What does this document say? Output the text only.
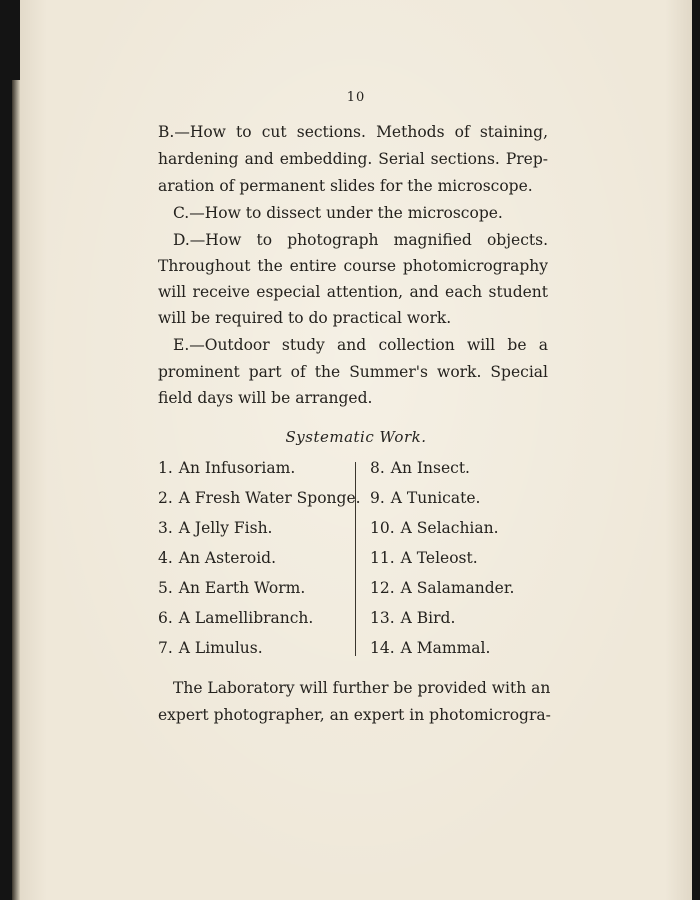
10
B.—How to cut sections. Methods of staining,
hardening and embedding. Serial sections. Prep-
aration of permanent slides for the microscope.
C.—How to dissect under the microscope.
D.—How to photograph magnified objects.
Throughout the entire course photomicrography
will receive especial attention, and each student
will be required to do practical work.
E.—Outdoor study and collection will be a
prominent part of the Summer's work. Special
field days will be arranged.
Systematic Work.
1. An Infusoriam.
2. A Fresh Water Sponge.
3. A Jelly Fish.
4. An Asteroid.
5. An Earth Worm.
6. A Lamellibranch.
7. A Limulus.
8. An Insect.
9. A Tunicate.
10. A Selachian.
11. A Teleost.
12. A Salamander.
13. A Bird.
14. A Mammal.
The Laboratory will further be provided with an
expert photographer, an expert in photomicrogra-
